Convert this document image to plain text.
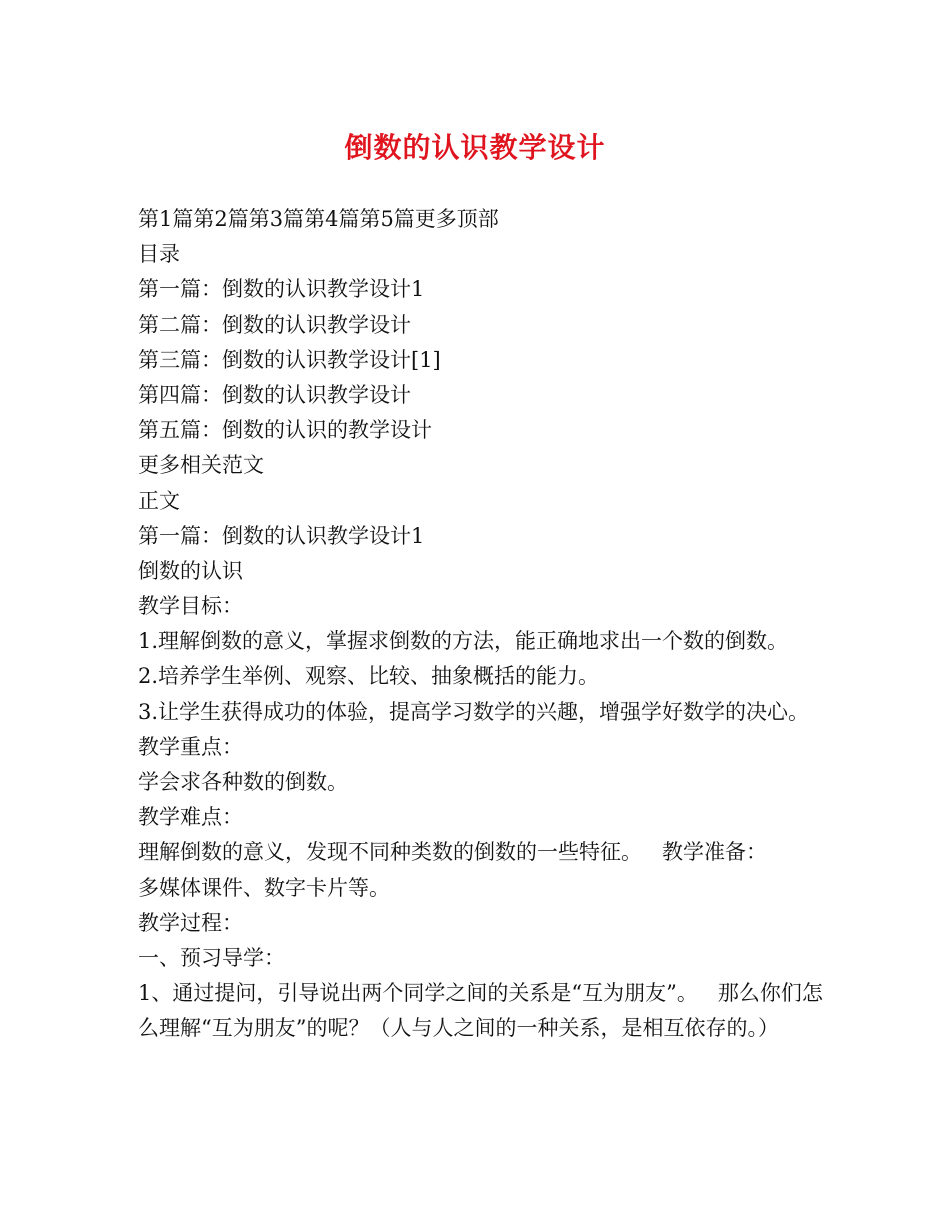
倒数的认识教学设计
第1篇第2篇第3篇第4篇第5篇更多顶部
目录
第一篇：倒数的认识教学设计1
第二篇：倒数的认识教学设计
第三篇：倒数的认识教学设计[1]
第四篇：倒数的认识教学设计
第五篇：倒数的认识的教学设计
更多相关范文
正文
第一篇：倒数的认识教学设计1
倒数的认识
教学目标：
1.理解倒数的意义，掌握求倒数的方法，能正确地求出一个数的倒数。
2.培养学生举例、观察、比较、抽象概括的能力。
3.让学生获得成功的体验，提高学习数学的兴趣，增强学好数学的决心。
教学重点：
学会求各种数的倒数。
教学难点：
理解倒数的意义，发现不同种类数的倒数的一些特征。 教学准备：
多媒体课件、数字卡片等。
教学过程：
一、预习导学：
1、通过提问，引导说出两个同学之间的关系是“互为朋友”。 那么你们怎么理解“互为朋友”的呢？（人与人之间的一种关系，是相互依存的。）
